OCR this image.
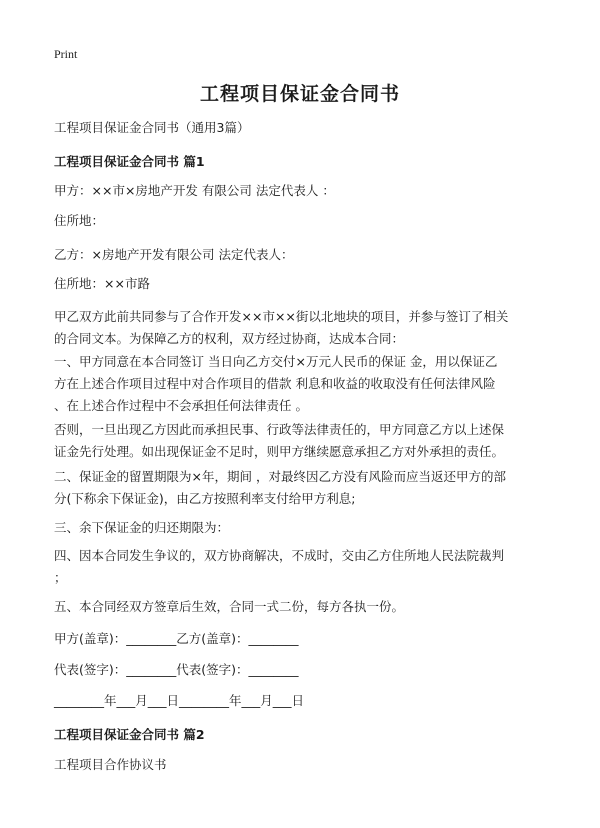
Print
工程项目保证金合同书
工程项目保证金合同书（通用3篇）
工程项目保证金合同书 篇1
甲方：××市×房地产开发 有限公司 法定代表人 ：
住所地：
乙方：×房地产开发有限公司 法定代表人：
住所地：××市路
甲乙双方此前共同参与了合作开发××市××街以北地块的项目，并参与签订了相关
的合同文本。为保障乙方的权利，双方经过协商，达成本合同：
一、甲方同意在本合同签订 当日向乙方交付×万元人民币的保证 金，用以保证乙
方在上述合作项目过程中对合作项目的借款 利息和收益的收取没有任何法律风险
、在上述合作过程中不会承担任何法律责任 。
否则，一旦出现乙方因此而承担民事、行政等法律责任的，甲方同意乙方以上述保
证金先行处理。如出现保证金不足时，则甲方继续愿意承担乙方对外承担的责任。
二、保证金的留置期限为×年，期间 ，对最终因乙方没有风险而应当返还甲方的部
分(下称余下保证金)，由乙方按照利率支付给甲方利息;
三、余下保证金的归还期限为：
四、因本合同发生争议的，双方协商解决，不成时，交由乙方住所地人民法院裁判
；
五、本合同经双方签章后生效，合同一式二份，每方各执一份。
甲方(盖章)：________乙方(盖章)：________
代表(签字)：________代表(签字)：________
________年___月___日________年___月___日
工程项目保证金合同书 篇2
工程项目合作协议书
